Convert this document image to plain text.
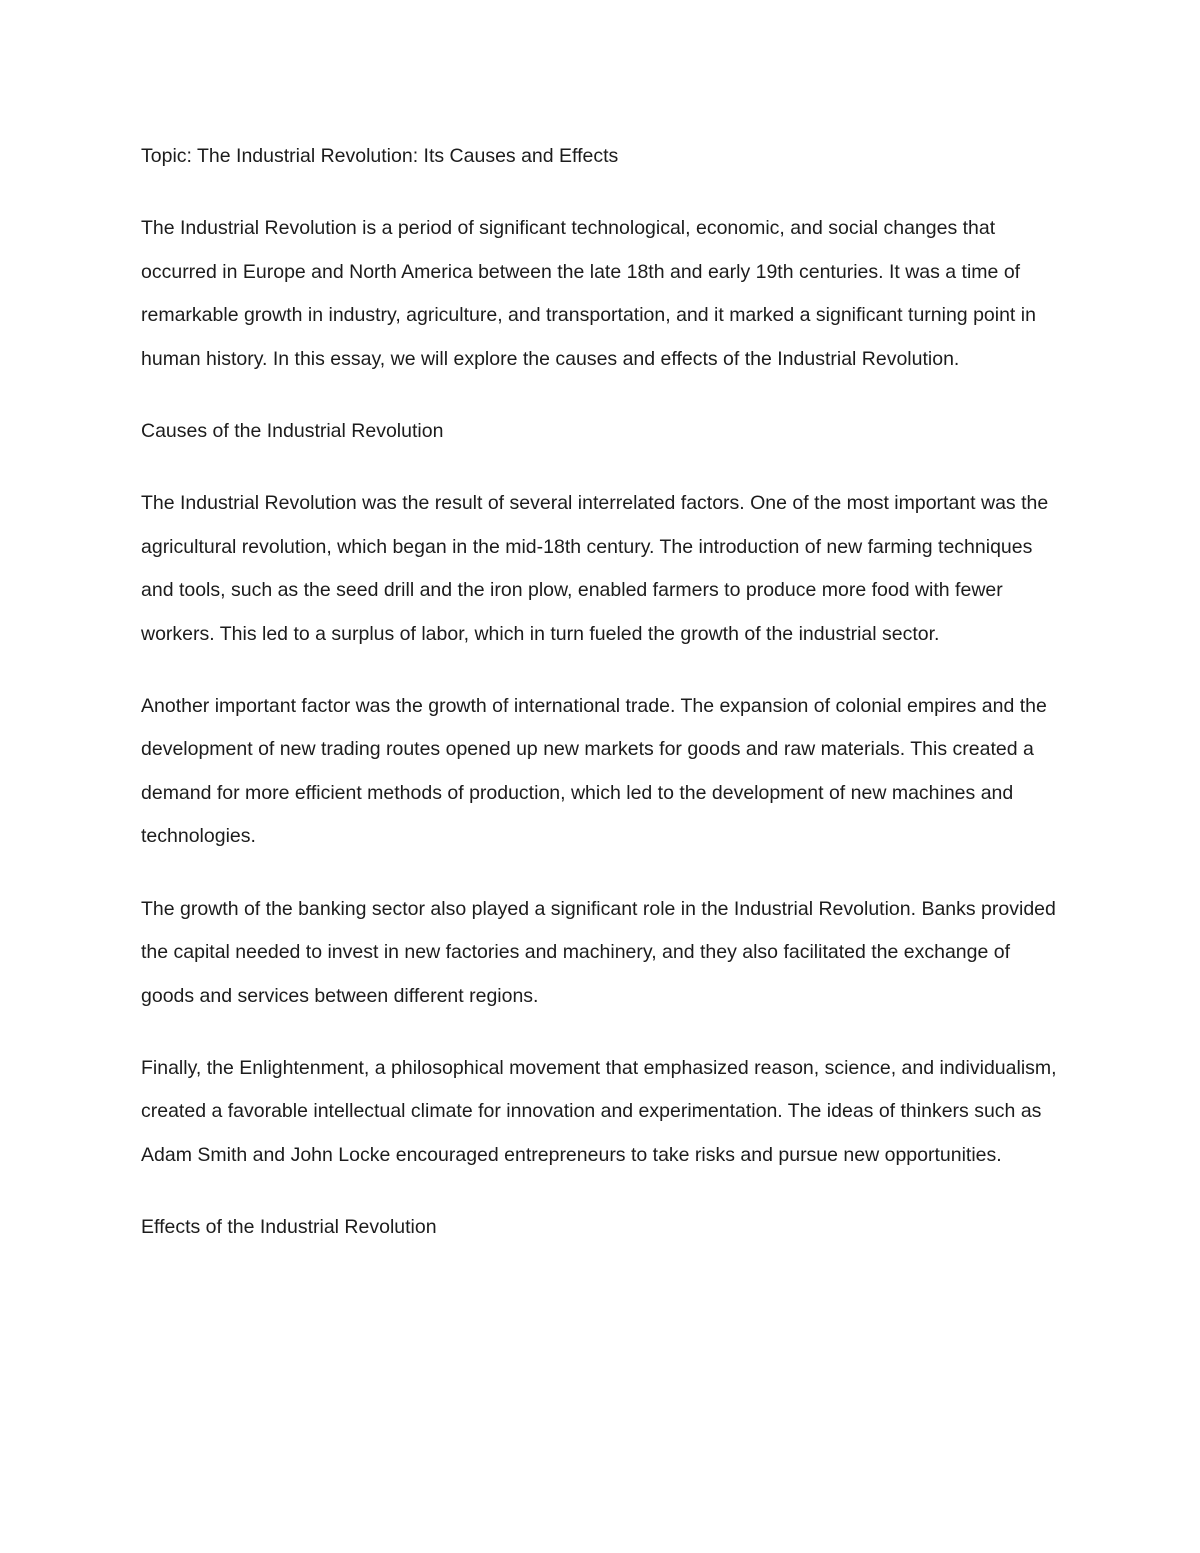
Topic: The Industrial Revolution: Its Causes and Effects

The Industrial Revolution is a period of significant technological, economic, and social changes that occurred in Europe and North America between the late 18th and early 19th centuries. It was a time of remarkable growth in industry, agriculture, and transportation, and it marked a significant turning point in human history. In this essay, we will explore the causes and effects of the Industrial Revolution.

Causes of the Industrial Revolution

The Industrial Revolution was the result of several interrelated factors. One of the most important was the agricultural revolution, which began in the mid-18th century. The introduction of new farming techniques and tools, such as the seed drill and the iron plow, enabled farmers to produce more food with fewer workers. This led to a surplus of labor, which in turn fueled the growth of the industrial sector.

Another important factor was the growth of international trade. The expansion of colonial empires and the development of new trading routes opened up new markets for goods and raw materials. This created a demand for more efficient methods of production, which led to the development of new machines and technologies.

The growth of the banking sector also played a significant role in the Industrial Revolution. Banks provided the capital needed to invest in new factories and machinery, and they also facilitated the exchange of goods and services between different regions.

Finally, the Enlightenment, a philosophical movement that emphasized reason, science, and individualism, created a favorable intellectual climate for innovation and experimentation. The ideas of thinkers such as Adam Smith and John Locke encouraged entrepreneurs to take risks and pursue new opportunities.

Effects of the Industrial Revolution
